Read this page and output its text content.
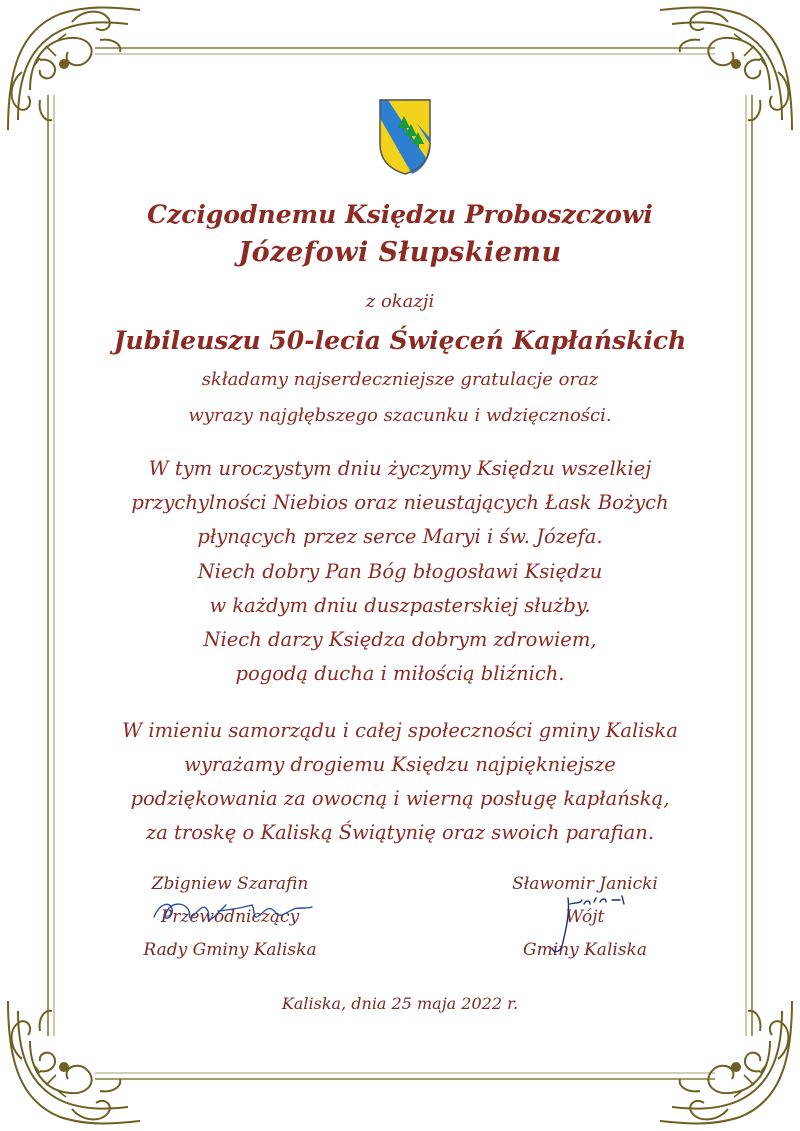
Czcigodnemu Księdzu Proboszczowi
Józefowi Słupskiemu
z okazji
Jubileuszu 50-lecia Święceń Kapłańskich
składamy najserdeczniejsze gratulacje oraz
wyrazy najgłębszego szacunku i wdzięczności.
W tym uroczystym dniu życzymy Księdzu wszelkiej
przychylności Niebios oraz nieustających Łask Bożych
płynących przez serce Maryi i św. Józefa.
Niech dobry Pan Bóg błogosławi Księdzu
w każdym dniu duszpasterskiej służby.
Niech darzy Księdza dobrym zdrowiem,
pogodą ducha i miłością bliźnich.
W imieniu samorządu i całej społeczności gminy Kaliska
wyrażamy drogiemu Księdzu najpiękniejsze
podziękowania za owocną i wierną posługę kapłańską,
za troskę o Kaliską Świątynię oraz swoich parafian.
Zbigniew Szarafin
Przewodniczący
Rady Gminy Kaliska
Sławomir Janicki
Wójt
Gminy Kaliska
Kaliska, dnia 25 maja 2022 r.
